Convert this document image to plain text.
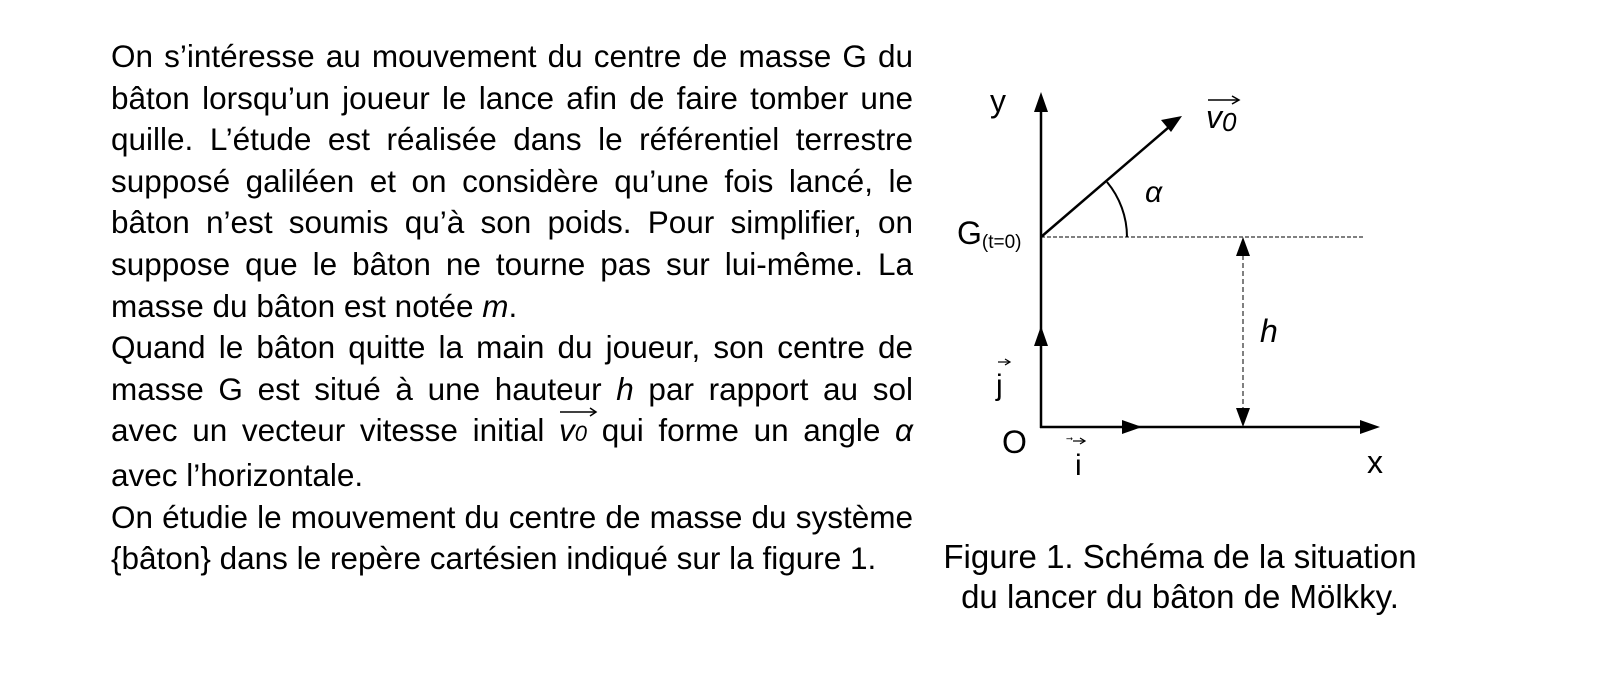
On s’intéresse au mouvement du centre de masse G du bâton lorsqu’un joueur le lance afin de faire tomber une quille. L’étude est réalisée dans le référentiel terrestre supposé galiléen et on considère qu’une fois lancé, le bâton n’est soumis qu’à son poids. Pour simplifier, on suppose que le bâton ne tourne pas sur lui-même. La masse du bâton est notée m.

Quand le bâton quitte la main du joueur, son centre de masse G est situé à une hauteur h par rapport au sol avec un vecteur vitesse initial
v0 qui forme un angle α avec l’horizontale.

On étudie le mouvement du centre de masse du système {bâton} dans le repère cartésien indiqué sur la figure 1.

y
x
O
i
j
G(t=0)
h
α
v0
Figure 1. Schéma de la situation
du lancer du bâton de Mölkky.
